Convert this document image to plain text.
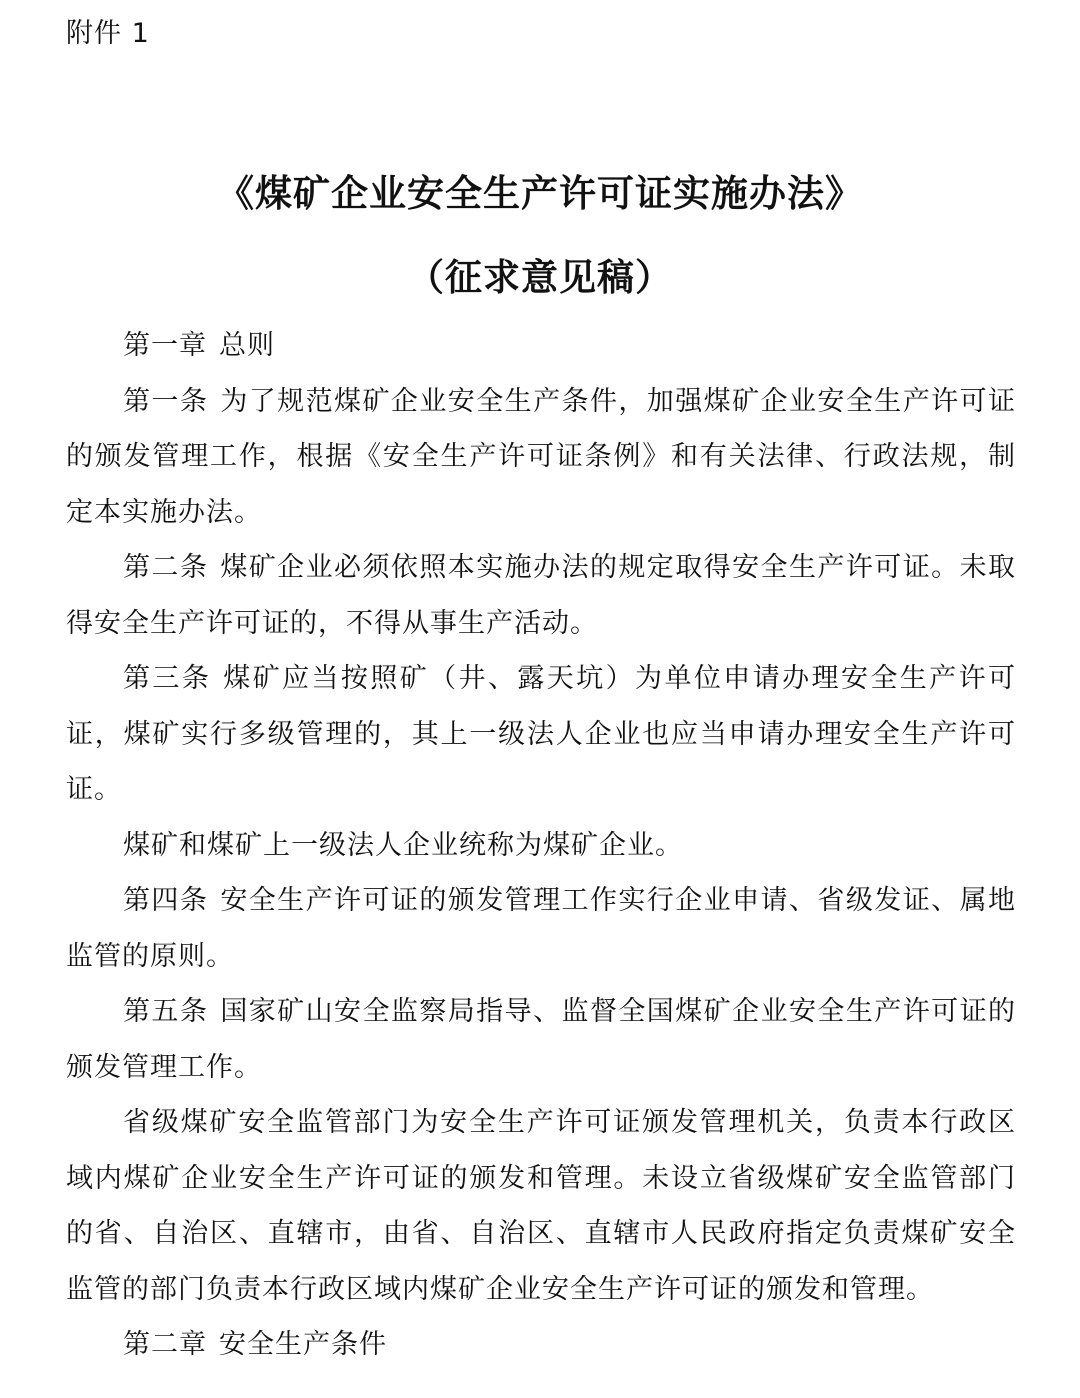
附件 1
《煤矿企业安全生产许可证实施办法》
（征求意见稿）

第一章 总则

第一条 为了规范煤矿企业安全生产条件，加强煤矿企业安全生产许可证的颁发管理工作，根据《安全生产许可证条例》和有关法律、行政法规，制定本实施办法。

第二条 煤矿企业必须依照本实施办法的规定取得安全生产许可证。未取得安全生产许可证的，不得从事生产活动。

第三条 煤矿应当按照矿（井、露天坑）为单位申请办理安全生产许可证，煤矿实行多级管理的，其上一级法人企业也应当申请办理安全生产许可证。

煤矿和煤矿上一级法人企业统称为煤矿企业。

第四条 安全生产许可证的颁发管理工作实行企业申请、省级发证、属地监管的原则。

第五条 国家矿山安全监察局指导、监督全国煤矿企业安全生产许可证的颁发管理工作。

省级煤矿安全监管部门为安全生产许可证颁发管理机关，负责本行政区域内煤矿企业安全生产许可证的颁发和管理。未设立省级煤矿安全监管部门的省、自治区、直辖市，由省、自治区、直辖市人民政府指定负责煤矿安全监管的部门负责本行政区域内煤矿企业安全生产许可证的颁发和管理。

第二章 安全生产条件
